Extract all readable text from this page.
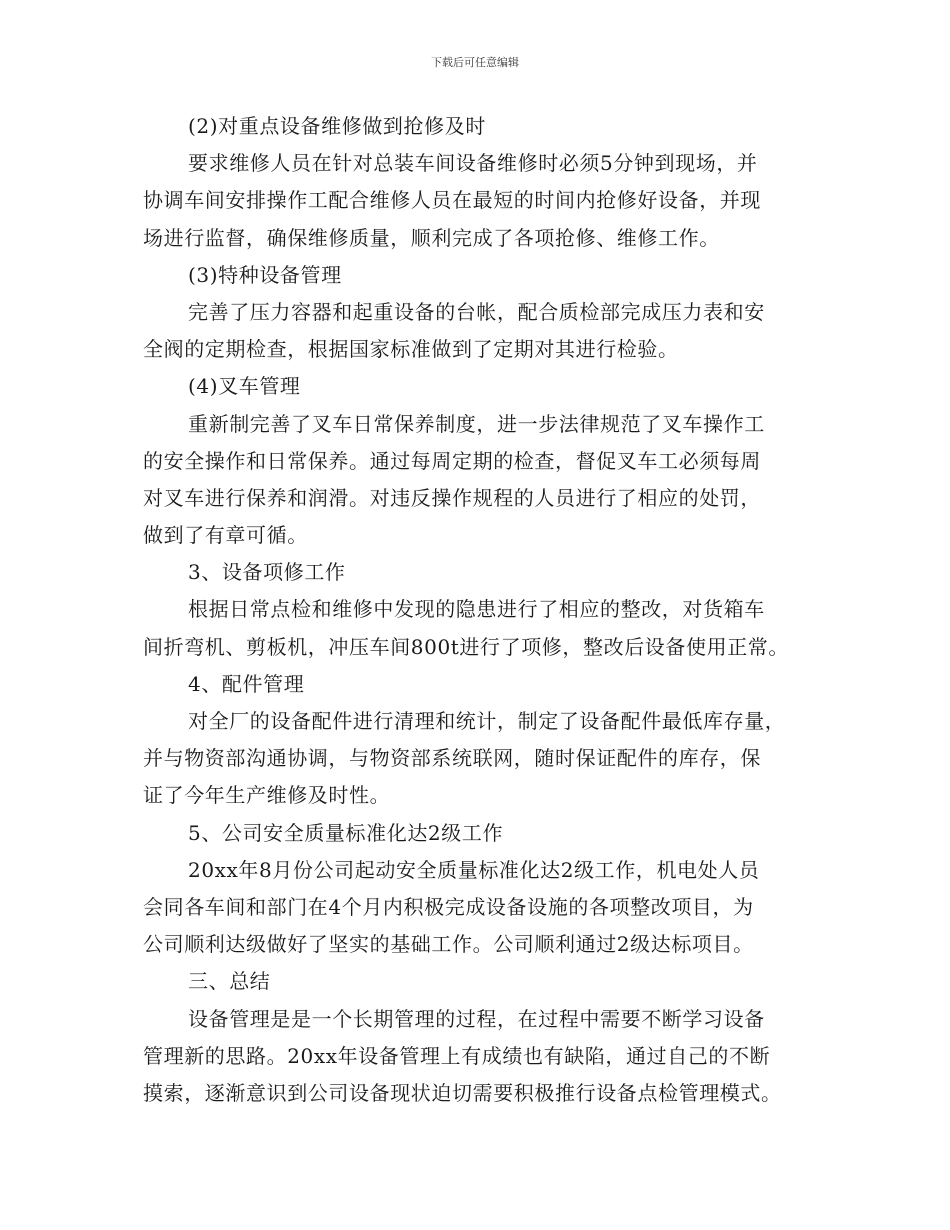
下载后可任意编辑
(2)对重点设备维修做到抢修及时
要求维修人员在针对总装车间设备维修时必须5分钟到现场，并
协调车间安排操作工配合维修人员在最短的时间内抢修好设备，并现
场进行监督，确保维修质量，顺利完成了各项抢修、维修工作。
(3)特种设备管理
完善了压力容器和起重设备的台帐，配合质检部完成压力表和安
全阀的定期检查，根据国家标准做到了定期对其进行检验。
(4)叉车管理
重新制完善了叉车日常保养制度，进一步法律规范了叉车操作工
的安全操作和日常保养。通过每周定期的检查，督促叉车工必须每周
对叉车进行保养和润滑。对违反操作规程的人员进行了相应的处罚，
做到了有章可循。
3、设备项修工作
根据日常点检和维修中发现的隐患进行了相应的整改，对货箱车
间折弯机、剪板机，冲压车间800t进行了项修，整改后设备使用正常。
4、配件管理
对全厂的设备配件进行清理和统计，制定了设备配件最低库存量，
并与物资部沟通协调，与物资部系统联网，随时保证配件的库存，保
证了今年生产维修及时性。
5、公司安全质量标准化达2级工作
20xx年8月份公司起动安全质量标准化达2级工作，机电处人员
会同各车间和部门在4个月内积极完成设备设施的各项整改项目，为
公司顺利达级做好了坚实的基础工作。公司顺利通过2级达标项目。
三、总结
设备管理是是一个长期管理的过程，在过程中需要不断学习设备
管理新的思路。20xx年设备管理上有成绩也有缺陷，通过自己的不断
摸索，逐渐意识到公司设备现状迫切需要积极推行设备点检管理模式。
